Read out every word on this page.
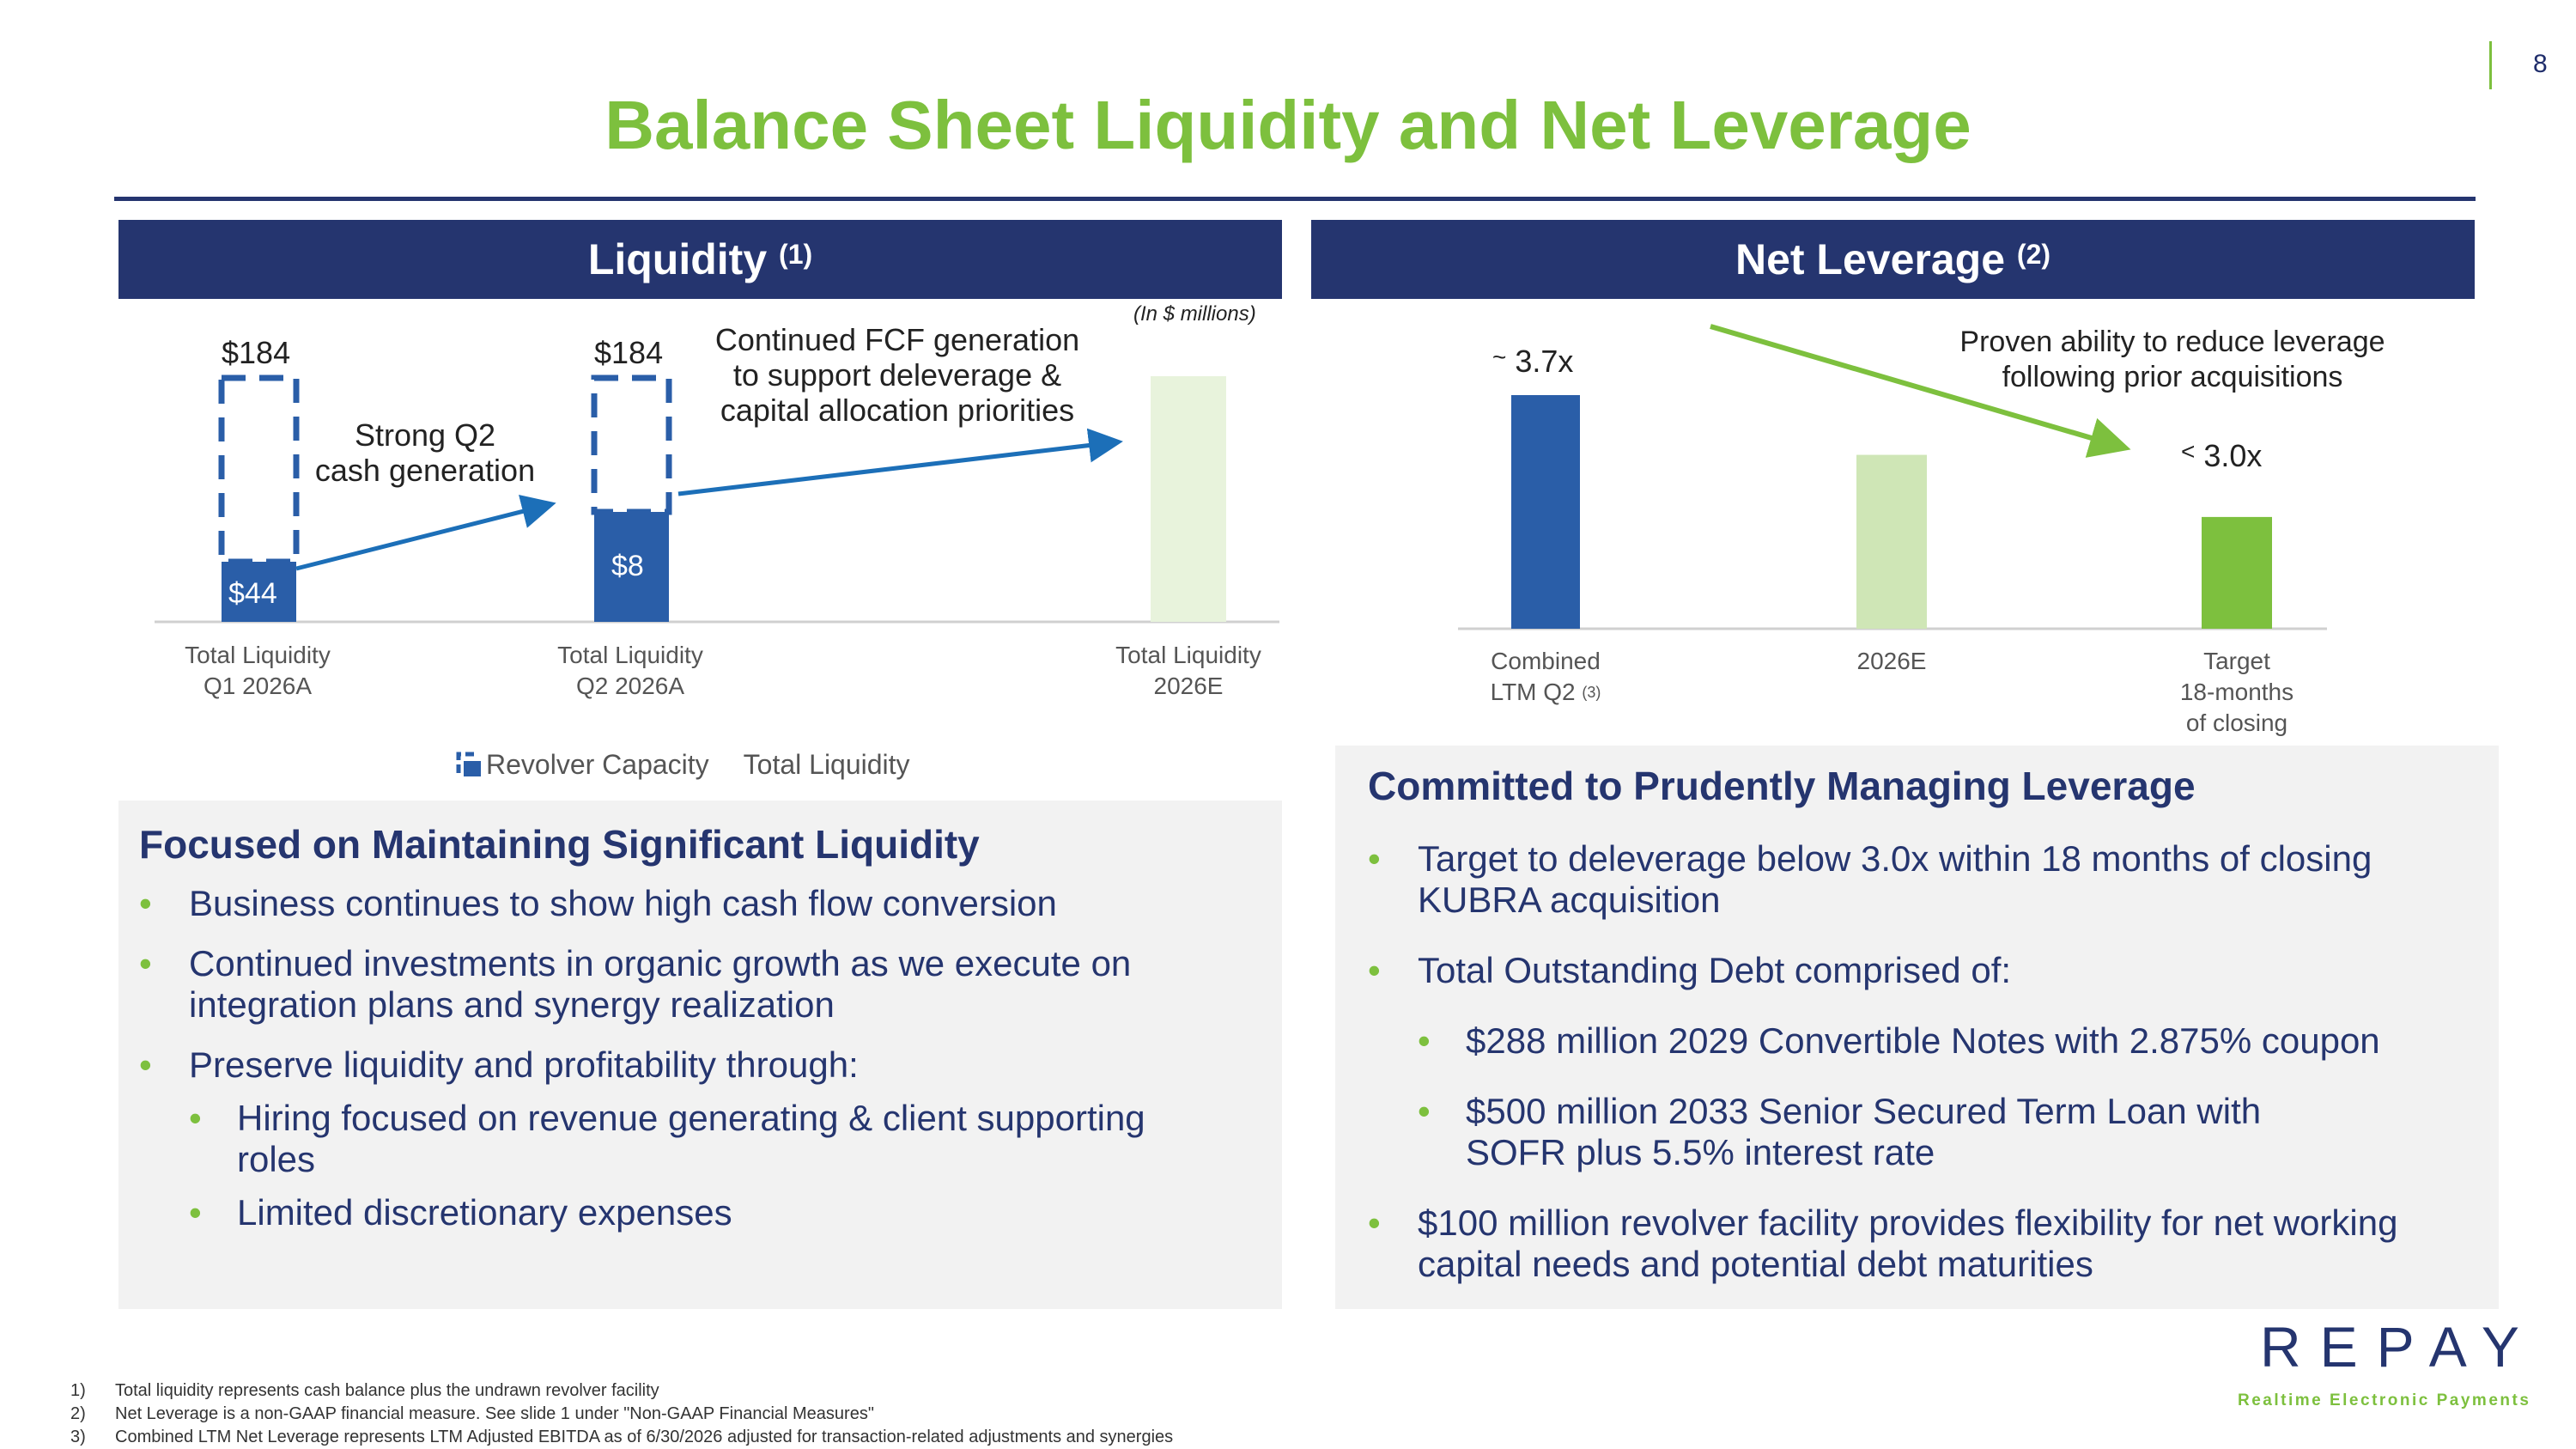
8
Balance Sheet Liquidity and Net Leverage
Liquidity $^{(1)}$	Net Leverage $^{(2)}$
(In $ millions)
$184	$184
$44
$8
Strong Q2
cash generation
Continued FCF generation
to support deleverage &
capital allocation priorities
Total Liquidity
Q1 2026A
Total Liquidity
Q2 2026A
Total Liquidity
2026E
Revolver Capacity Total Liquidity
~ 3.7x
< 3.0x
Proven ability to reduce leverage
following prior acquisitions
Combined
LTM Q2 $^{(3)}$
2026E	Target
18-months
of closing
Focused on Maintaining Significant Liquidity
• Business continues to show high cash flow conversion
• Continued investments in organic growth as we execute on integration plans and synergy realization
• Preserve liquidity and profitability through:
• Hiring focused on revenue generating & client supporting roles
• Limited discretionary expenses
Committed to Prudently Managing Leverage
• Target to deleverage below 3.0x within 18 months of closing KUBRA acquisition
• Total Outstanding Debt comprised of:
• $288 million 2029 Convertible Notes with 2.875% coupon
• $500 million 2033 Senior Secured Term Loan with SOFR plus 5.5% interest rate
• $100 million revolver facility provides flexibility for net working capital needs and potential debt maturities
1) Total liquidity represents cash balance plus the undrawn revolver facility
2) Net Leverage is a non-GAAP financial measure. See slide 1 under "Non-GAAP Financial Measures"
3) Combined LTM Net Leverage represents LTM Adjusted EBITDA as of 6/30/2026 adjusted for transaction-related adjustments and synergies
REPAY
Realtime Electronic Payments
